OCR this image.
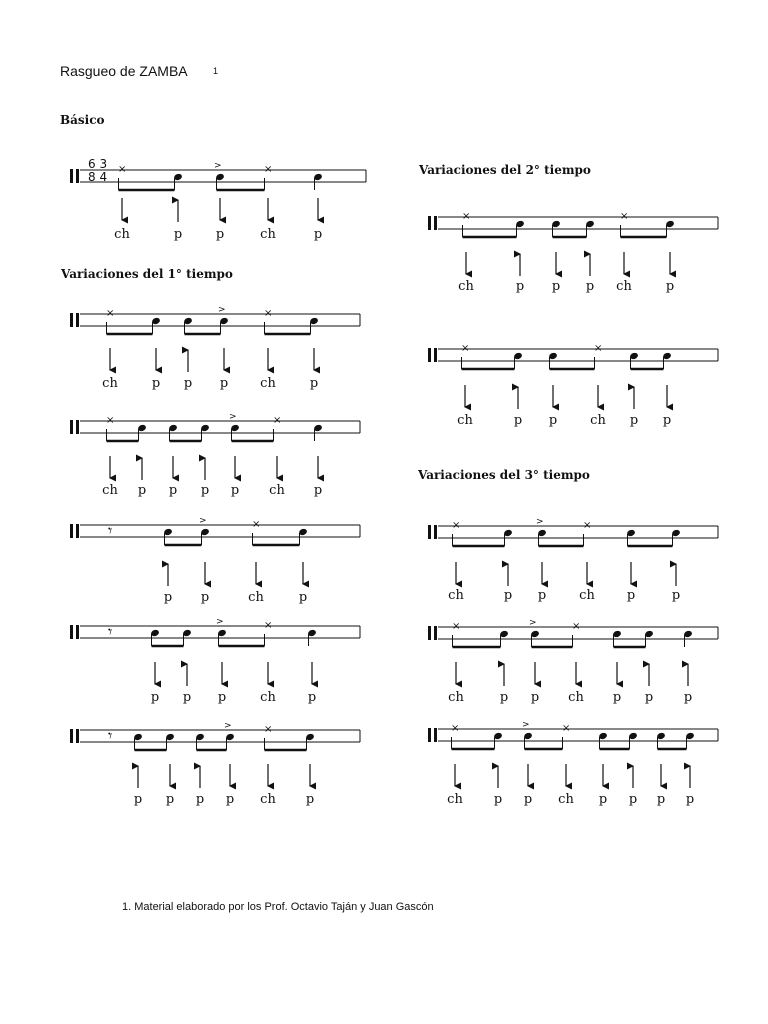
Rasgueo de ZAMBA	1
Básico
Variaciones del 1° tiempo
Variaciones del 2° tiempo
Variaciones del 3° tiempo
×
ch	p
>
p
×
ch	p
×
ch	p p
>
p
×
ch	p
×
ch p p p
>
p
×
ch p
𝄾
p
>
p
×
ch	p
𝄾
p p
>
p
×
ch p
𝄾
p p p
>
p
×
ch p
×
ch	p p p
×
ch	p
×
ch	p p
×
ch p p
×
ch	p
>
p
×
ch p	p
×
ch	p
>
p
×
ch p p p
×
ch p
>
p
×
ch p p p p
6 3
8 4
1. Material elaborado por los Prof. Octavio Taján y Juan Gascón
